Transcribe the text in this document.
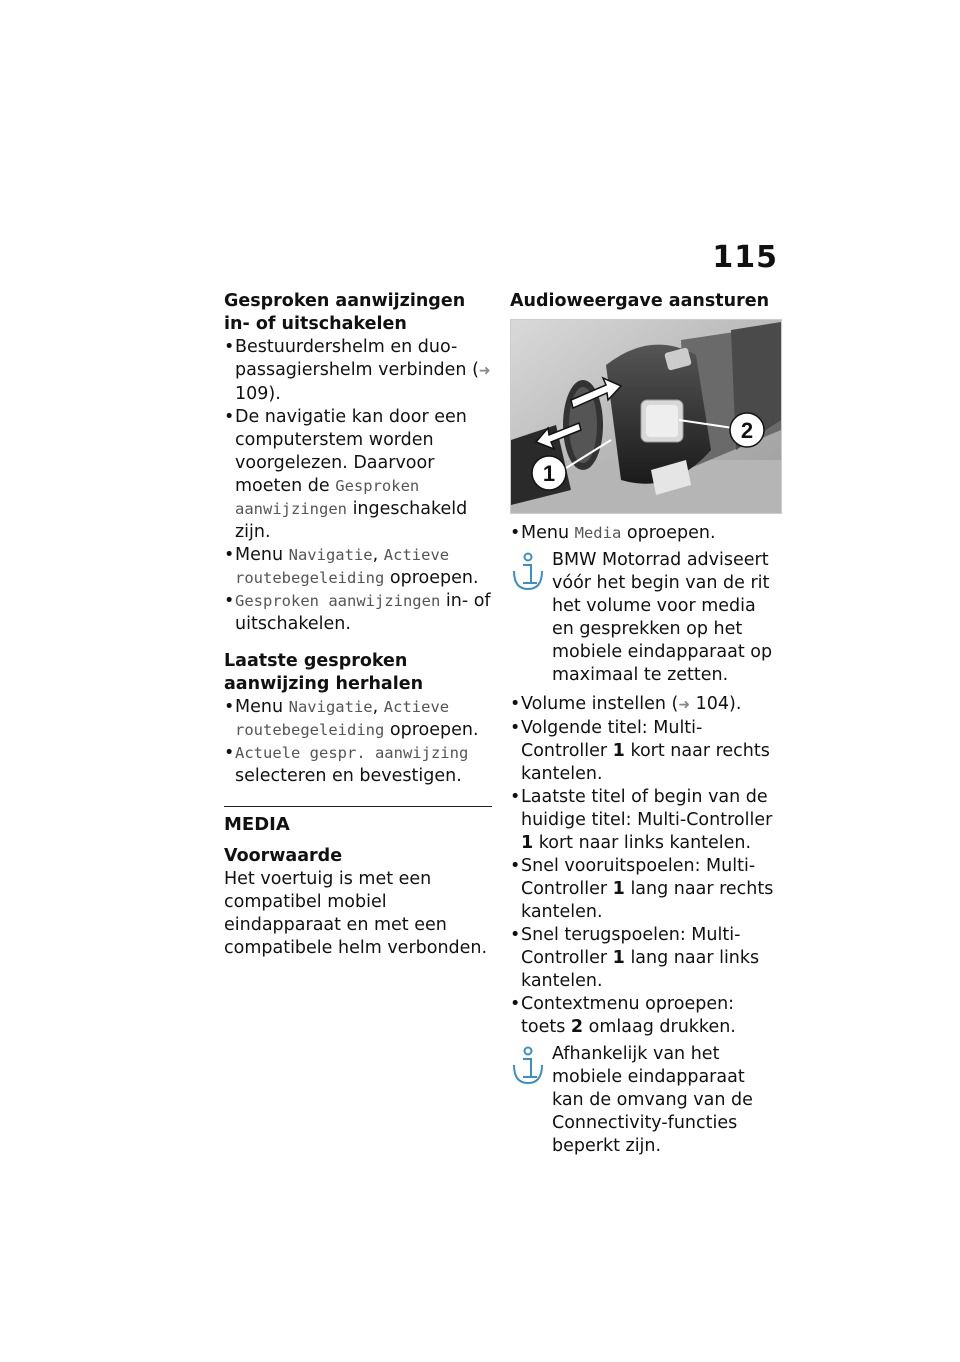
115

Gesproken aanwijzingen in- of uitschakelen

• Bestuurdershelm en duo-passagiershelm verbinden (➜ 109).
• De navigatie kan door een computerstem worden voorgelezen. Daarvoor moeten de Gesproken aanwijzingen ingeschakeld zijn.
• Menu Navigatie, Actieve routebegeleiding oproepen.
• Gesproken aanwijzingen in- of uitschakelen.

Laatste gesproken aanwijzing herhalen

• Menu Navigatie, Actieve routebegeleiding oproepen.
• Actuele gespr. aanwijzing selecteren en bevestigen.

MEDIA

Voorwaarde

Het voertuig is met een compatibel mobiel eindapparaat en met een compatibele helm verbonden.

Audioweergave aansturen

1
2
• Menu Media oproepen.

BMW Motorrad adviseert vóór het begin van de rit het volume voor media en gesprekken op het mobiele eindapparaat op maximaal te zetten.

• Volume instellen (➜ 104).
• Volgende titel: Multi-Controller 1 kort naar rechts kantelen.
• Laatste titel of begin van de huidige titel: Multi-Controller 1 kort naar links kantelen.
• Snel vooruitspoelen: Multi-Controller 1 lang naar rechts kantelen.
• Snel terugspoelen: Multi-Controller 1 lang naar links kantelen.
• Contextmenu oproepen: toets 2 omlaag drukken.

Afhankelijk van het mobiele eindapparaat kan de omvang van de Connectivity-functies beperkt zijn.
